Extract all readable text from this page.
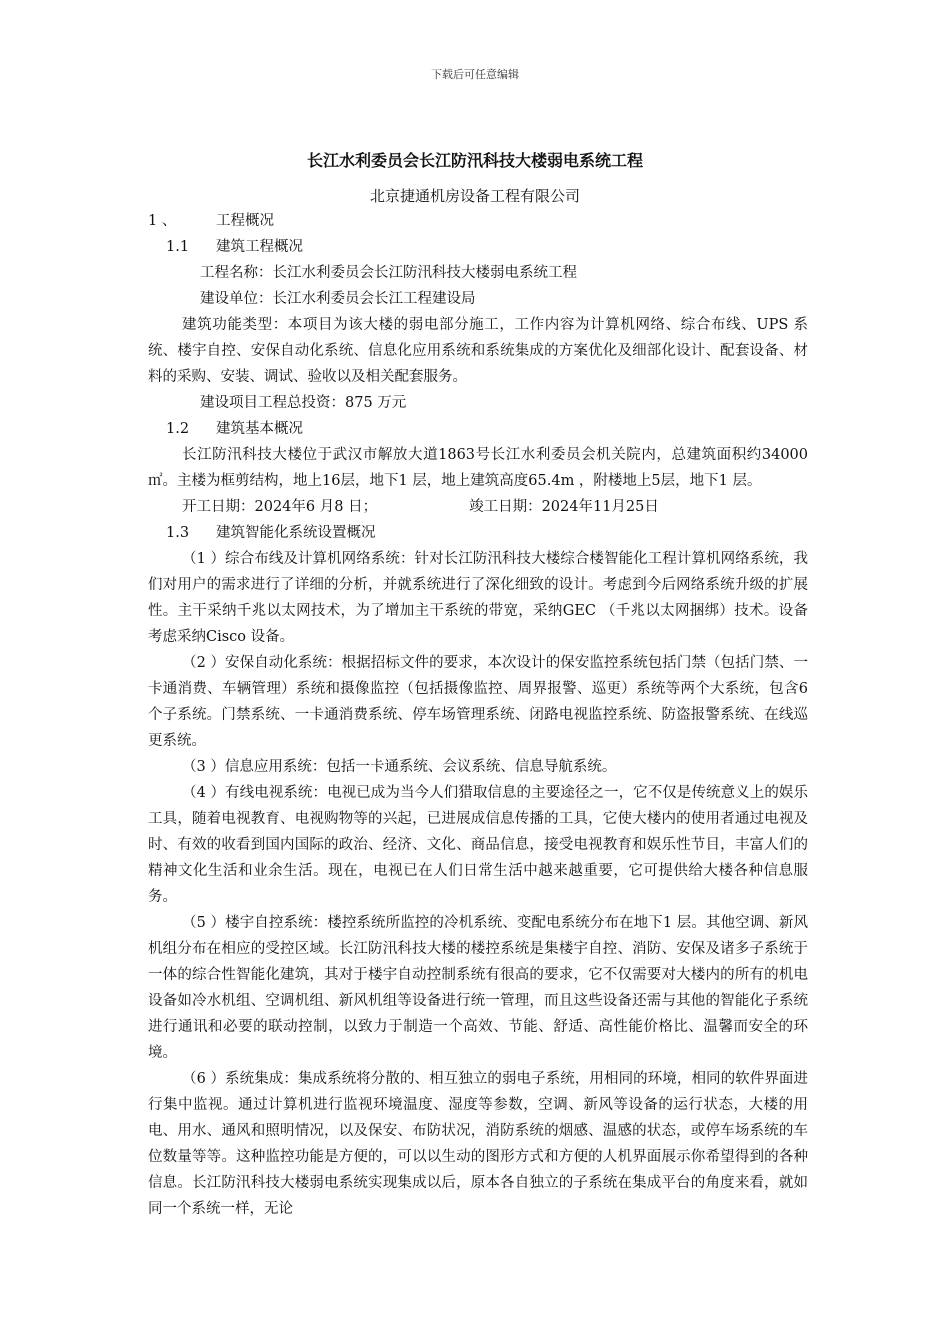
下载后可任意编辑
长江水利委员会长江防汛科技大楼弱电系统工程
北京捷通机房设备工程有限公司
1 、	工程概况
1.1 建筑工程概况
工程名称：长江水利委员会长江防汛科技大楼弱电系统工程
建设单位：长江水利委员会长江工程建设局

建筑功能类型：本项目为该大楼的弱电部分施工，工作内容为计算机网络、综合布线、UPS 系统、楼宇自控、安保自动化系统、信息化应用系统和系统集成的方案优化及细部化设计、配套设备、材料的采购、安装、调试、验收以及相关配套服务。

建设项目工程总投资：875 万元
1.2 建筑基本概况

长江防汛科技大楼位于武汉市解放大道1863号长江水利委员会机关院内，总建筑面积约34000 ㎡。主楼为框剪结构，地上16层，地下1 层，地上建筑高度65.4m ，附楼地上5层，地下1 层。

开工日期：2024年6 月8 日；	竣工日期：2024年11月25日
1.3 建筑智能化系统设置概况

（1 ）综合布线及计算机网络系统：针对长江防汛科技大楼综合楼智能化工程计算机网络系统，我们对用户的需求进行了详细的分析，并就系统进行了深化细致的设计。考虑到今后网络系统升级的扩展性。主干采纳千兆以太网技术，为了增加主干系统的带宽，采纳GEC （千兆以太网捆绑）技术。设备考虑采纳Cisco 设备。

（2 ）安保自动化系统：根据招标文件的要求，本次设计的保安监控系统包括门禁（包括门禁、一卡通消费、车辆管理）系统和摄像监控（包括摄像监控、周界报警、巡更）系统等两个大系统，包含6 个子系统。门禁系统、一卡通消费系统、停车场管理系统、闭路电视监控系统、防盗报警系统、在线巡更系统。

（3 ）信息应用系统：包括一卡通系统、会议系统、信息导航系统。

（4 ）有线电视系统：电视已成为当今人们猎取信息的主要途径之一，它不仅是传统意义上的娱乐工具，随着电视教育、电视购物等的兴起，已进展成信息传播的工具，它使大楼内的使用者通过电视及时、有效的收看到国内国际的政治、经济、文化、商品信息，接受电视教育和娱乐性节目，丰富人们的精神文化生活和业余生活。现在，电视已在人们日常生活中越来越重要，它可提供给大楼各种信息服务。

（5 ）楼宇自控系统：楼控系统所监控的冷机系统、变配电系统分布在地下1 层。其他空调、新风机组分布在相应的受控区域。长江防汛科技大楼的楼控系统是集楼宇自控、消防、安保及诸多子系统于一体的综合性智能化建筑，其对于楼宇自动控制系统有很高的要求，它不仅需要对大楼内的所有的机电设备如冷水机组、空调机组、新风机组等设备进行统一管理，而且这些设备还需与其他的智能化子系统进行通讯和必要的联动控制，以致力于制造一个高效、节能、舒适、高性能价格比、温馨而安全的环境。

（6 ）系统集成：集成系统将分散的、相互独立的弱电子系统，用相同的环境，相同的软件界面进行集中监视。通过计算机进行监视环境温度、湿度等参数，空调、新风等设备的运行状态，大楼的用电、用水、通风和照明情况，以及保安、布防状况，消防系统的烟感、温感的状态，或停车场系统的车位数量等等。这种监控功能是方便的，可以以生动的图形方式和方便的人机界面展示你希望得到的各种信息。长江防汛科技大楼弱电系统实现集成以后，原本各自独立的子系统在集成平台的角度来看，就如同一个系统一样，无论
